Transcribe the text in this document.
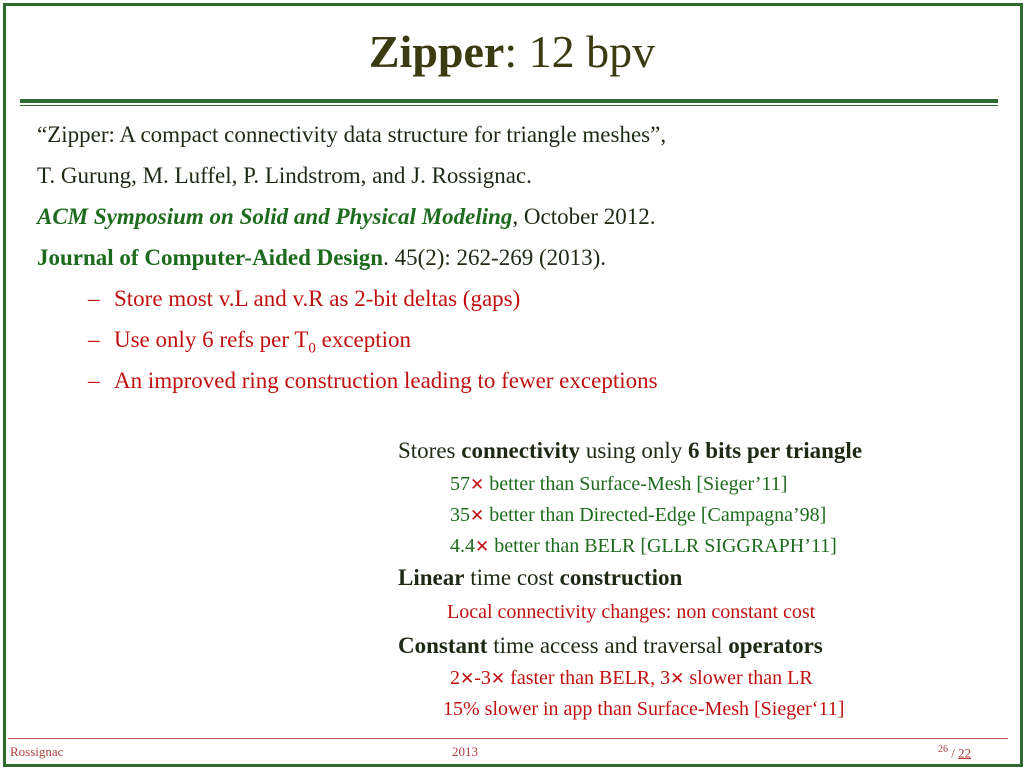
Zipper: 12 bpv
“Zipper: A compact connectivity data structure for triangle meshes”,
T. Gurung, M. Luffel, P. Lindstrom, and J. Rossignac.
ACM Symposium on Solid and Physical Modeling, October 2012.
Journal of Computer-Aided Design. 45(2): 262-269 (2013).
– Store most v.L and v.R as 2-bit deltas (gaps)
– Use only 6 refs per $T_0$ exception
– An improved ring construction leading to fewer exceptions
Stores connectivity using only 6 bits per triangle
57✕ better than Surface-Mesh [Sieger’11]
35✕ better than Directed-Edge [Campagna’98]
4.4✕ better than BELR [GLLR SIGGRAPH’11]
Linear time cost construction
Local connectivity changes: non constant cost
Constant time access and traversal operators
2✕-3✕ faster than BELR, 3✕ slower than LR
15% slower in app than Surface-Mesh [Sieger‘11]
Rossignac	2013	$^{26}$ / 22
